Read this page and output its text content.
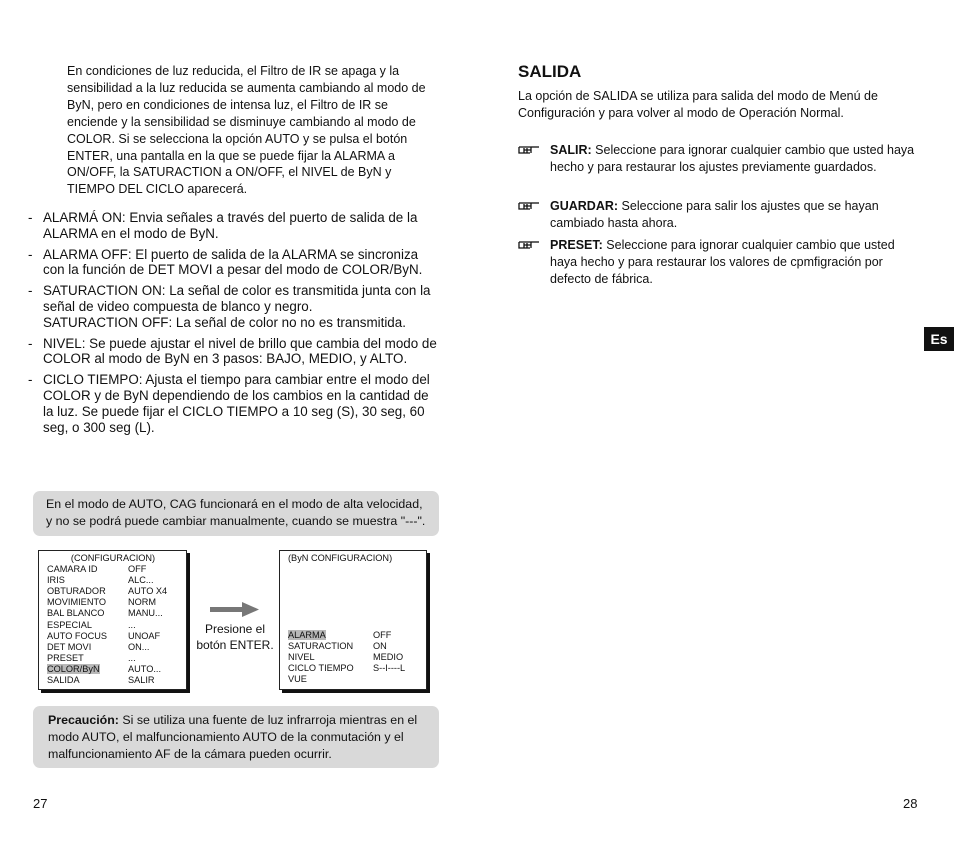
En condiciones de luz reducida, el Filtro de IR se apaga y la sensibilidad a la luz reducida se aumenta cambiando al modo de ByN, pero en condiciones de intensa luz, el Filtro de IR se enciende y la sensibilidad se disminuye cambiando al modo de COLOR. Si se selecciona la opción AUTO y se pulsa el botón ENTER, una pantalla en la que se puede fijar la ALARMA a ON/OFF, la SATURACTION a ON/OFF, el NIVEL de ByN y TIEMPO DEL CICLO aparecerá.
- ALARMÁ ON: Envia señales a través del puerto de salida de la ALARMA en el modo de ByN.
- ALARMA OFF: El puerto de salida de la ALARMA se sincroniza con la función de DET MOVI a pesar del modo de COLOR/ByN.
- SATURACTION ON: La señal de color es transmitida junta con la señal de video compuesta de blanco y negro.
SATURACTION OFF: La señal de color no no es transmitida.
- NIVEL: Se puede ajustar el nivel de brillo que cambia del modo de COLOR al modo de ByN en 3 pasos: BAJO, MEDIO, y ALTO.
- CICLO TIEMPO: Ajusta el tiempo para cambiar entre el modo del COLOR y de ByN dependiendo de los cambios en la cantidad de la luz. Se puede fijar el CICLO TIEMPO a 10 seg (S), 30 seg, 60 seg, o 300 seg (L).
En el modo de AUTO, CAG funcionará en el modo de alta velocidad, y no se podrá puede cambiar manualmente, cuando se muestra "---".
(CONFIGURACION)
CAMARA ID	OFF
IRIS	ALC...
OBTURADOR	AUTO X4
MOVIMIENTO	NORM
BAL BLANCO	MANU...
ESPECIAL	...
AUTO FOCUS	UNOAF
DET MOVI	ON...
PRESET	...
COLOR/ByN	AUTO...
SALIDA	SALIR
Presione el botón ENTER.
(ByN CONFIGURACION)
ALARMA	OFF
SATURACTION	ON
NIVEL	MEDIO
CICLO TIEMPO	S--I----L
VUE
Precaución: Si se utiliza una fuente de luz infrarroja mientras en el modo AUTO, el malfuncionamiento AUTO de la conmutación y el malfuncionamiento AF de la cámara pueden ocurrir.
27
SALIDA
La opción de SALIDA se utiliza para salida del modo de Menú de Configuración y para volver al modo de Operación Normal.
SALIR: Seleccione para ignorar cualquier cambio que usted haya hecho y para restaurar los ajustes previamente guardados.
GUARDAR: Seleccione para salir los ajustes que se hayan cambiado hasta ahora.
PRESET: Seleccione para ignorar cualquier cambio que usted haya hecho y para restaurar los valores de cpmfigración por defecto de fábrica.
Es
28
